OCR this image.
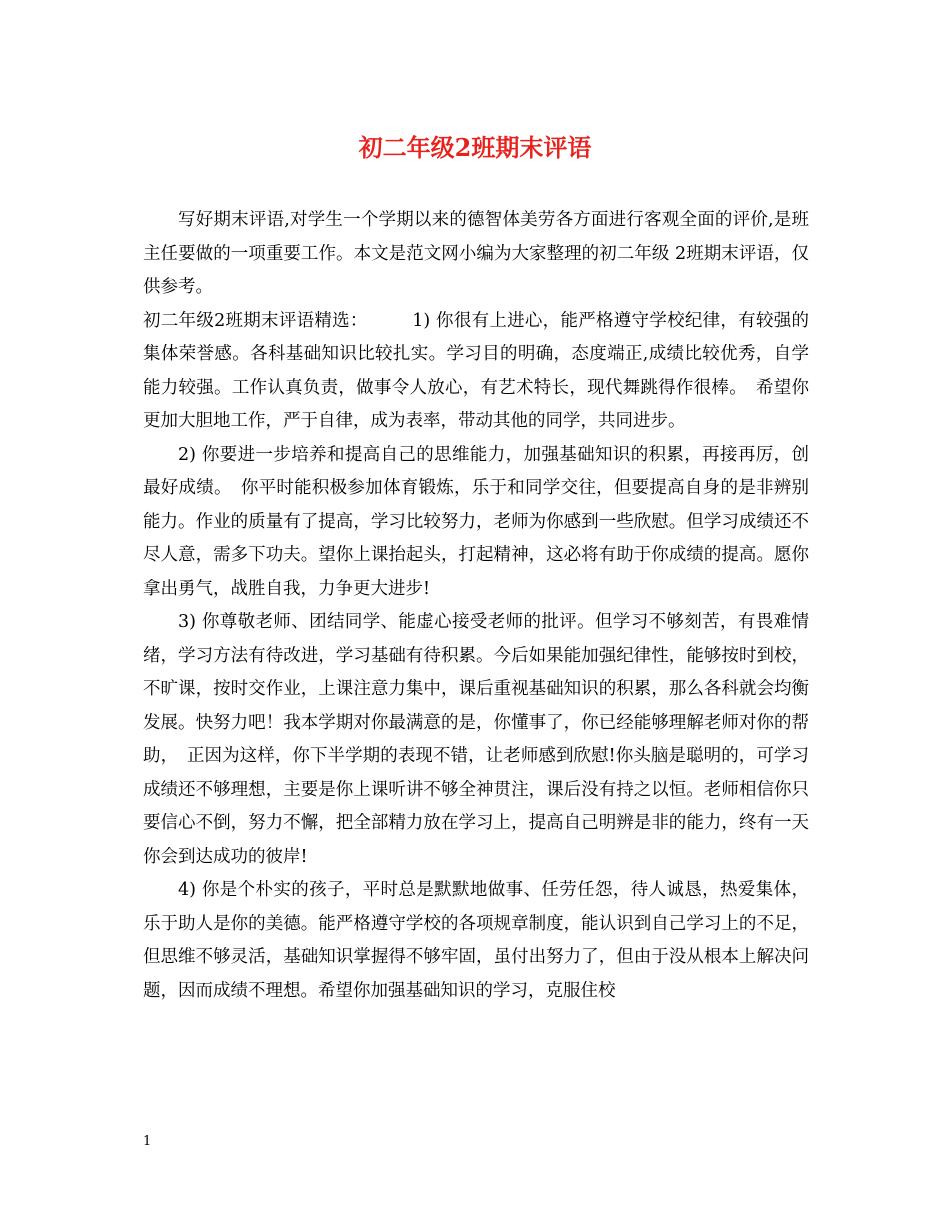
初二年级2班期末评语

写好期末评语,对学生一个学期以来的德智体美劳各方面进行客观全面的评价,是班主任要做的一项重要工作。本文是范文网小编为大家整理的初二年级 2班期末评语，仅供参考。

初二年级2班期末评语精选：　　　1) 你很有上进心，能严格遵守学校纪律，有较强的集体荣誉感。各科基础知识比较扎实。学习目的明确，态度端正,成绩比较优秀，自学能力较强。工作认真负责，做事令人放心，有艺术特长，现代舞跳得作很棒。　希望你更加大胆地工作，严于自律，成为表率，带动其他的同学，共同进步。

2) 你要进一步培养和提高自己的思维能力，加强基础知识的积累，再接再厉，创最好成绩。　你平时能积极参加体育锻炼，乐于和同学交往，但要提高自身的是非辨别能力。作业的质量有了提高，学习比较努力，老师为你感到一些欣慰。但学习成绩还不尽人意，需多下功夫。望你上课抬起头，打起精神，这必将有助于你成绩的提高。愿你拿出勇气，战胜自我，力争更大进步!

3) 你尊敬老师、团结同学、能虚心接受老师的批评。但学习不够刻苦，有畏难情绪，学习方法有待改进，学习基础有待积累。今后如果能加强纪律性，能够按时到校，不旷课，按时交作业，上课注意力集中，课后重视基础知识的积累，那么各科就会均衡发展。快努力吧！我本学期对你最满意的是，你懂事了，你已经能够理解老师对你的帮助，　正因为这样，你下半学期的表现不错，让老师感到欣慰!你头脑是聪明的，可学习成绩还不够理想，主要是你上课听讲不够全神贯注，课后没有持之以恒。老师相信你只要信心不倒，努力不懈，把全部精力放在学习上，提高自己明辨是非的能力，终有一天你会到达成功的彼岸!

4) 你是个朴实的孩子，平时总是默默地做事、任劳任怨，待人诚恳，热爱集体，乐于助人是你的美德。能严格遵守学校的各项规章制度，能认识到自己学习上的不足，但思维不够灵活，基础知识掌握得不够牢固，虽付出努力了，但由于没从根本上解决问题，因而成绩不理想。希望你加强基础知识的学习，克服住校

1
